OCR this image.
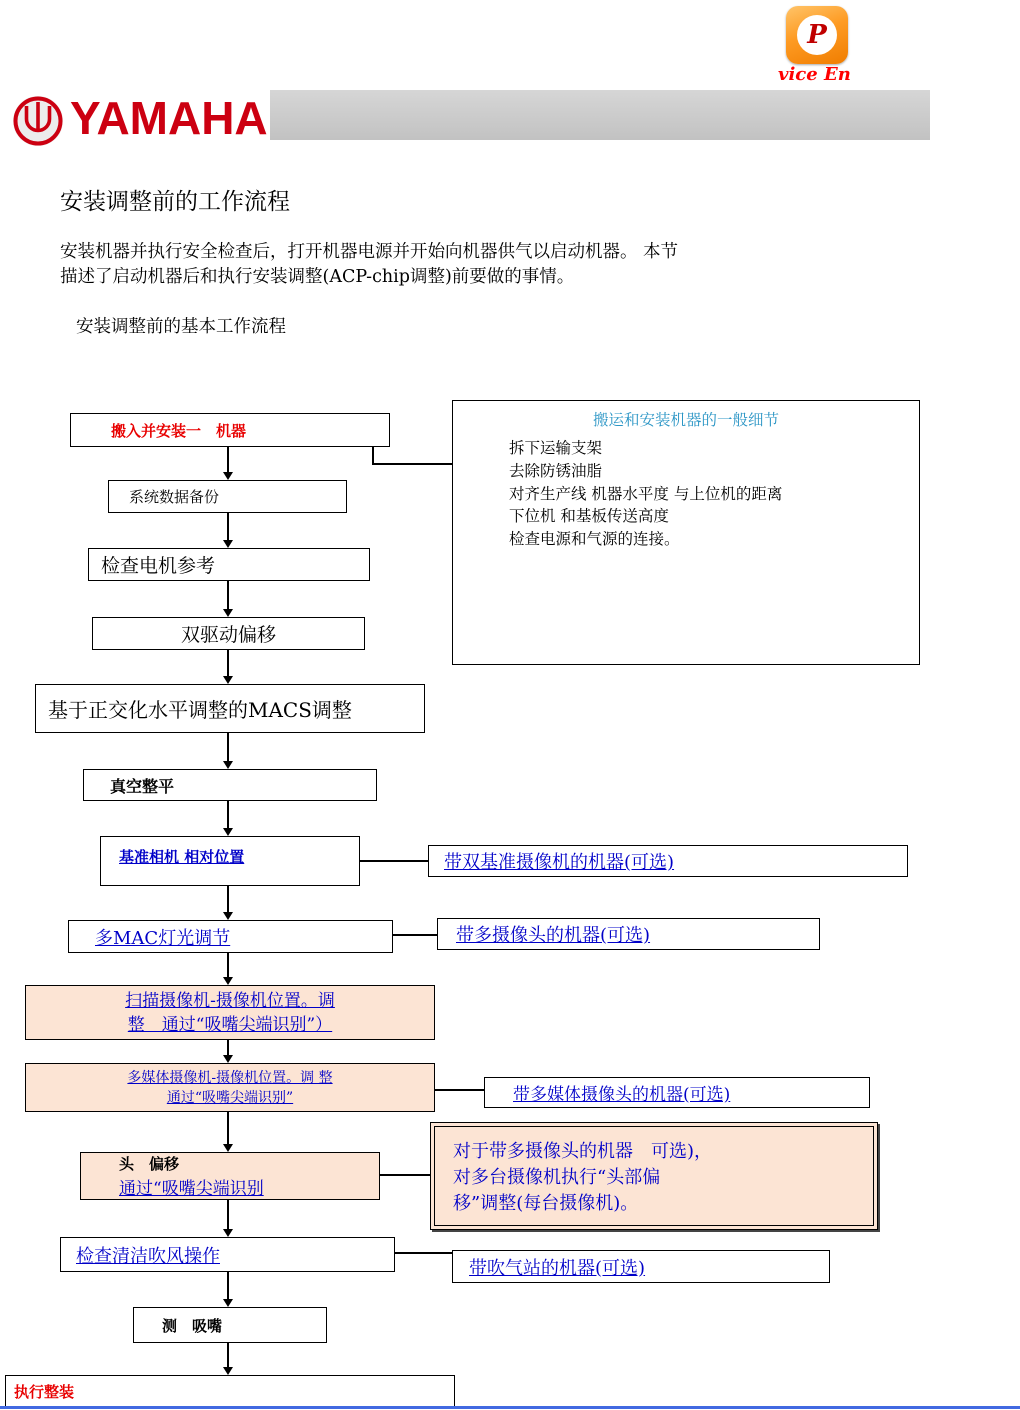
P
vice En
YAMAHA
安装调整前的工作流程
安装机器并执行安全检查后，打开机器电源并开始向机器供气以启动机器。 本节
描述了启动机器后和执行安装调整(ACP-chip调整)前要做的事情。
安装调整前的基本工作流程
搬入并安装一　机器
系统数据备份
检查电机参考
双驱动偏移
基于正交化水平调整的MACS调整
真空整平
基准相机 相对位置
多MAC灯光调节
扫描摄像机-摄像机位置。调
整　通过“吸嘴尖端识别”）
多媒体摄像机-摄像机位置。调 整
通过“吸嘴尖端识别”
头　偏移
通过“吸嘴尖端识别
检查清洁吹风操作
测　吸嘴
执行整装
搬运和安装机器的一般细节
拆下运输支架
去除防锈油脂
对齐生产线 机器水平度 与上位机的距离
下位机 和基板传送高度
检查电源和气源的连接。
带双基准摄像机的机器(可选)
带多摄像头的机器(可选)
带多媒体摄像头的机器(可选)
对于带多摄像头的机器　可选)，
对多台摄像机执行“头部偏
移”调整(每台摄像机)。
带吹气站的机器(可选)
